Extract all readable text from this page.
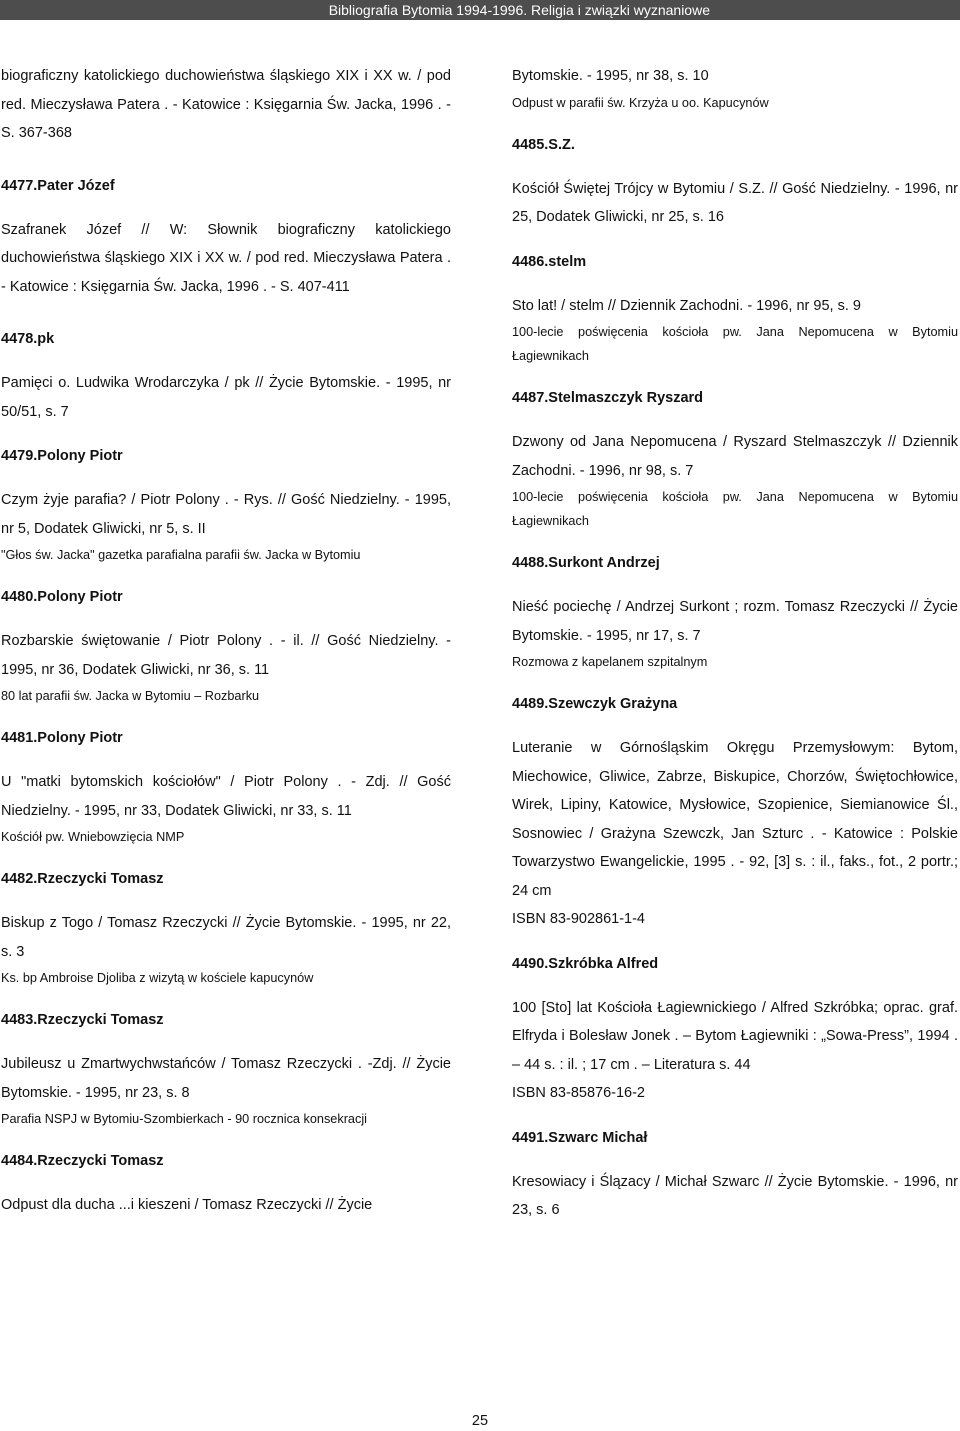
Bibliografia Bytomia 1994-1996. Religia i związki wyznaniowe

biograficzny katolickiego duchowieństwa śląskiego XIX i XX w. / pod red. Mieczysława Patera . - Katowice : Księgarnia Św. Jacka, 1996 . - S. 367-368

4477.Pater Józef

Szafranek Józef // W: Słownik biograficzny katolickiego duchowieństwa śląskiego XIX i XX w. / pod red. Mieczysława Patera . - Katowice : Księgarnia Św. Jacka, 1996 . - S. 407-411

4478.pk

Pamięci o. Ludwika Wrodarczyka / pk // Życie Bytomskie. - 1995, nr 50/51, s. 7

4479.Polony Piotr

Czym żyje parafia? / Piotr Polony . - Rys. // Gość Niedzielny. - 1995, nr 5, Dodatek Gliwicki, nr 5, s. II

"Głos św. Jacka" gazetka parafialna parafii św. Jacka w Bytomiu

4480.Polony Piotr

Rozbarskie świętowanie / Piotr Polony . - il. // Gość Niedzielny. - 1995, nr 36, Dodatek Gliwicki, nr 36, s. 11

80 lat parafii św. Jacka w Bytomiu – Rozbarku

4481.Polony Piotr

U "matki bytomskich kościołów" / Piotr Polony . - Zdj. // Gość Niedzielny. - 1995, nr 33, Dodatek Gliwicki, nr 33, s. 11

Kościół pw. Wniebowzięcia NMP

4482.Rzeczycki Tomasz

Biskup z Togo / Tomasz Rzeczycki // Życie Bytomskie. - 1995, nr 22, s. 3

Ks. bp Ambroise Djoliba z wizytą w kościele kapucynów

4483.Rzeczycki Tomasz

Jubileusz u Zmartwychwstańców / Tomasz Rzeczycki . -Zdj. // Życie Bytomskie. - 1995, nr 23, s. 8

Parafia NSPJ w Bytomiu-Szombierkach - 90 rocznica konsekracji

4484.Rzeczycki Tomasz

Odpust dla ducha ...i kieszeni / Tomasz Rzeczycki // Życie

Bytomskie. - 1995, nr 38, s. 10

Odpust w parafii św. Krzyża u oo. Kapucynów

4485.S.Z.

Kościół Świętej Trójcy w Bytomiu / S.Z. // Gość Niedzielny. - 1996, nr 25, Dodatek Gliwicki, nr 25, s. 16

4486.stelm

Sto lat! / stelm // Dziennik Zachodni. - 1996, nr 95, s. 9

100-lecie poświęcenia kościoła pw. Jana Nepomucena w Bytomiu Łagiewnikach

4487.Stelmaszczyk Ryszard

Dzwony od Jana Nepomucena / Ryszard Stelmaszczyk // Dziennik Zachodni. - 1996, nr 98, s. 7

100-lecie poświęcenia kościoła pw. Jana Nepomucena w Bytomiu Łagiewnikach

4488.Surkont Andrzej

Nieść pociechę / Andrzej Surkont ; rozm. Tomasz Rzeczycki // Życie Bytomskie. - 1995, nr 17, s. 7

Rozmowa z kapelanem szpitalnym

4489.Szewczyk Grażyna

Luteranie w Górnośląskim Okręgu Przemysłowym: Bytom, Miechowice, Gliwice, Zabrze, Biskupice, Chorzów, Świętochłowice, Wirek, Lipiny, Katowice, Mysłowice, Szopienice, Siemianowice Śl., Sosnowiec / Grażyna Szewczk, Jan Szturc . - Katowice : Polskie Towarzystwo Ewangelickie, 1995 . - 92, [3] s. : il., faks., fot., 2 portr.; 24 cm

ISBN 83-902861-1-4

4490.Szkróbka Alfred

100 [Sto] lat Kościoła Łagiewnickiego / Alfred Szkróbka; oprac. graf. Elfryda i Bolesław Jonek . – Bytom Łagiewniki : „Sowa-Press”, 1994 . – 44 s. : il. ; 17 cm . – Literatura s. 44

ISBN 83-85876-16-2

4491.Szwarc Michał

Kresowiacy i Ślązacy / Michał Szwarc // Życie Bytomskie. - 1996, nr 23, s. 6

25
